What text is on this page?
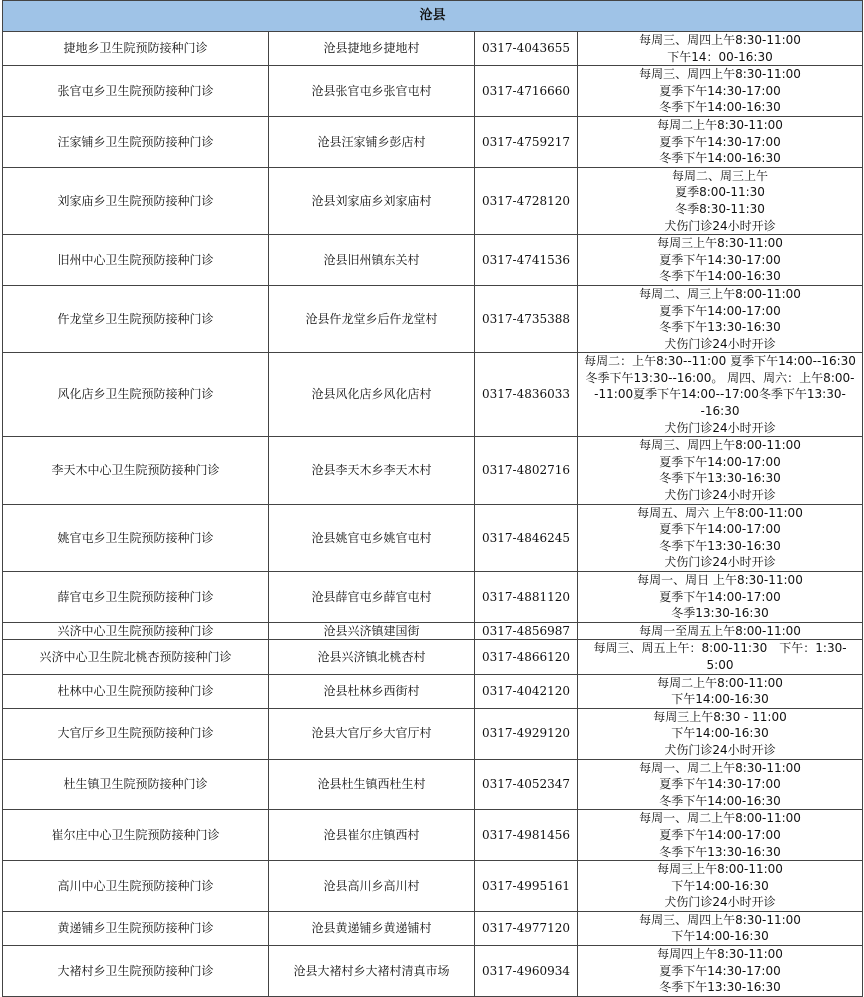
沧县			
捷地乡卫生院预防接种门诊	沧县捷地乡捷地村	0317-4043655	每周三、周四上午8:30-11:00
下午14：00-16:30

张官屯乡卫生院预防接种门诊	沧县张官屯乡张官屯村	0317-4716660	每周三、周四上午8:30-11:00
夏季下午14:30-17:00
冬季下午14:00-16:30

汪家铺乡卫生院预防接种门诊	沧县汪家铺乡彭店村	0317-4759217	每周二上午8:30-11:00
夏季下午14:30-17:00
冬季下午14:00-16:30

刘家庙乡卫生院预防接种门诊	沧县刘家庙乡刘家庙村	0317-4728120	每周二、周三上午
夏季8:00-11:30
冬季8:30-11:30
犬伤门诊24小时开诊

旧州中心卫生院预防接种门诊	沧县旧州镇东关村	0317-4741536	每周三上午8:30-11:00
夏季下午14:30-17:00
冬季下午14:00-16:30

仵龙堂乡卫生院预防接种门诊	沧县仵龙堂乡后仵龙堂村	0317-4735388	每周二、周三上午8:00-11:00
夏季下午14:00-17:00
冬季下午13:30-16:30
犬伤门诊24小时开诊

风化店乡卫生院预防接种门诊	沧县风化店乡风化店村	0317-4836033	每周二：上午8:30--11:00 夏季下午14:00--16:30冬季下午13:30--16:00。 周四、周六：上午8:00--11:00夏季下午14:00--17:00冬季下午13:30--16:30
犬伤门诊24小时开诊

李天木中心卫生院预防接种门诊	沧县李天木乡李天木村	0317-4802716	每周三、周四上午8:00-11:00
夏季下午14:00-17:00
冬季下午13:30-16:30
犬伤门诊24小时开诊

姚官屯乡卫生院预防接种门诊	沧县姚官屯乡姚官屯村	0317-4846245	每周五、周六 上午8:00-11:00
夏季下午14:00-17:00
冬季下午13:30-16:30
犬伤门诊24小时开诊

薛官屯乡卫生院预防接种门诊	沧县薛官屯乡薛官屯村	0317-4881120	每周一、周日 上午8:30-11:00
夏季下午14:00-17:00
冬季13:30-16:30

兴济中心卫生院预防接种门诊	沧县兴济镇建国街	0317-4856987	每周一至周五上午8:00-11:00

兴济中心卫生院北桃杏预防接种门诊	沧县兴济镇北桃杏村	0317-4866120	每周三、周五上午：8:00-11:30　下午：1:30-5:00

杜林中心卫生院预防接种门诊	沧县杜林乡西街村	0317-4042120	每周二上午8:00-11:00
下午14:00-16:30

大官厅乡卫生院预防接种门诊	沧县大官厅乡大官厅村	0317-4929120	每周三上午8:30 - 11:00
下午14:00-16:30
犬伤门诊24小时开诊

杜生镇卫生院预防接种门诊	沧县杜生镇西杜生村	0317-4052347	每周一、周二上午8:30-11:00
夏季下午14:30-17:00
冬季下午14:00-16:30

崔尔庄中心卫生院预防接种门诊	沧县崔尔庄镇西村	0317-4981456	每周一、周二上午8:00-11:00
夏季下午14:00-17:00
冬季下午13:30-16:30

高川中心卫生院预防接种门诊	沧县高川乡高川村	0317-4995161	每周三上午8:00-11:00
下午14:00-16:30
犬伤门诊24小时开诊

黄递铺乡卫生院预防接种门诊	沧县黄递铺乡黄递铺村	0317-4977120	每周三、周四上午8:30-11:00
下午14:00-16:30

大褚村乡卫生院预防接种门诊	沧县大褚村乡大褚村清真市场	0317-4960934	每周四上午8:30-11:00
夏季下午14:30-17:00
冬季下午13:30-16:30
